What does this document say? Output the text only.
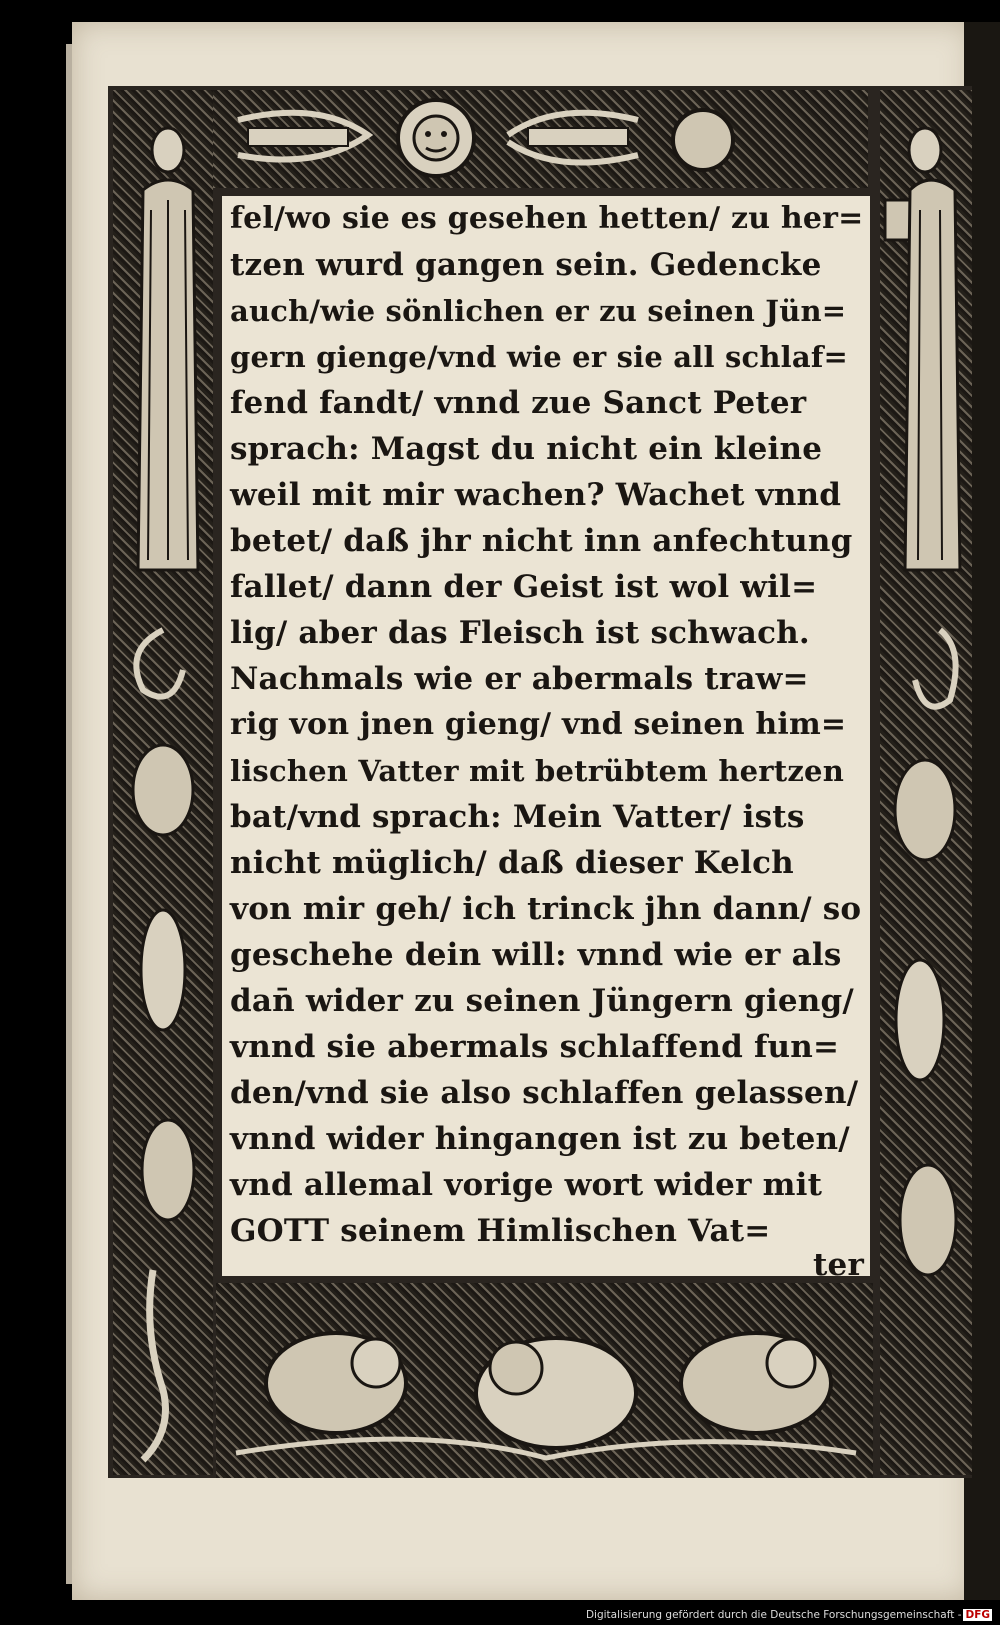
fel/wo sie es gesehen hetten/ zu her=
tzen wurd gangen sein. Gedencke
auch/wie sönlichen er zu seinen Jün=
gern gienge/vnd wie er sie all schlaf=
fend fandt/ vnnd zue Sanct Peter
sprach: Magst du nicht ein kleine
weil mit mir wachen? Wachet vnnd
betet/ daß jhr nicht inn anfechtung
fallet/ dann der Geist ist wol wil=
lig/ aber das Fleisch ist schwach.
Nachmals wie er abermals traw=
rig von jnen gieng/ vnd seinen him=
lischen Vatter mit betrübtem hertzen
bat/vnd sprach: Mein Vatter/ ists
nicht müglich/ daß dieser Kelch
von mir geh/ ich trinck jhn dann/ so
geschehe dein will: vnnd wie er als
dan̄ wider zu seinen Jüngern gieng/
vnnd sie abermals schlaffend fun=
den/vnd sie also schlaffen gelassen/
vnnd wider hingangen ist zu beten/
vnd allemal vorige wort wider mit
GOTT seinem Himlischen Vat=
ter
Digitalisierung gefördert durch die Deutsche Forschungsgemeinschaft - DFG
